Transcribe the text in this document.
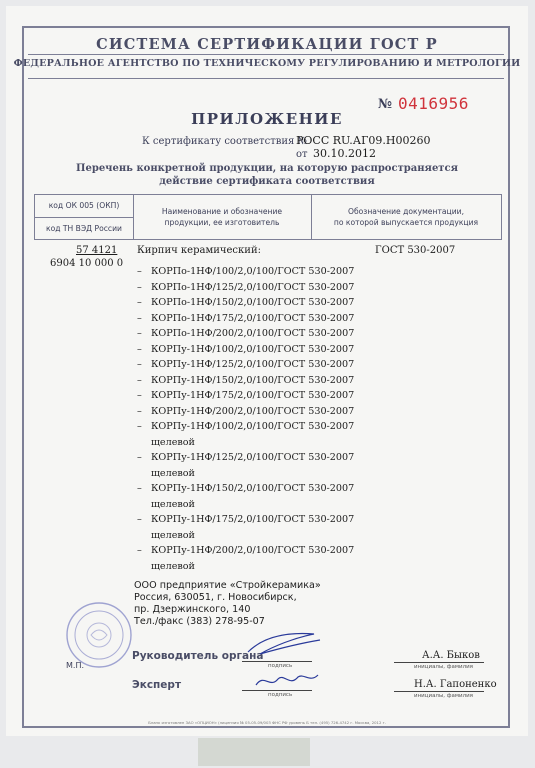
СИСТЕМА СЕРТИФИКАЦИИ ГОСТ Р
ФЕДЕРАЛЬНОЕ АГЕНТСТВО ПО ТЕХНИЧЕСКОМУ РЕГУЛИРОВАНИЮ И МЕТРОЛОГИИ
№ 0416956
ПРИЛОЖЕНИЕ
К сертификату соответствия №
РОСС RU.АГ09.Н00260
от 30.10.2012
Перечень конкретной продукции, на которую распространяется
действие сертификата соответствия
код ОК 005 (ОКП)
код ТН ВЭД России
Наименование и обозначение
продукции, ее изготовитель
Обозначение документации,
по которой выпускается продукция
57 4121
6904 10 000 0
Кирпич керамический:	ГОСТ 530-2007
– КОРПо-1НФ/100/2,0/100/ГОСТ 530-2007
– КОРПо-1НФ/125/2,0/100/ГОСТ 530-2007
– КОРПо-1НФ/150/2,0/100/ГОСТ 530-2007
– КОРПо-1НФ/175/2,0/100/ГОСТ 530-2007
– КОРПо-1НФ/200/2,0/100/ГОСТ 530-2007
– КОРПу-1НФ/100/2,0/100/ГОСТ 530-2007
– КОРПу-1НФ/125/2,0/100/ГОСТ 530-2007
– КОРПу-1НФ/150/2,0/100/ГОСТ 530-2007
– КОРПу-1НФ/175/2,0/100/ГОСТ 530-2007
– КОРПу-1НФ/200/2,0/100/ГОСТ 530-2007
– КОРПу-1НФ/100/2,0/100/ГОСТ 530-2007
щелевой
– КОРПу-1НФ/125/2,0/100/ГОСТ 530-2007
щелевой
– КОРПу-1НФ/150/2,0/100/ГОСТ 530-2007
щелевой
– КОРПу-1НФ/175/2,0/100/ГОСТ 530-2007
щелевой
– КОРПу-1НФ/200/2,0/100/ГОСТ 530-2007
щелевой
ООО предприятие «Стройкерамика»
Россия, 630051, г. Новосибирск,
пр. Дзержинского, 140
Тел./факс (383) 278-95-07
М.П.
Руководитель органа
подпись
А.А. Быков
инициалы, фамилия
Эксперт
подпись
Н.А. Гапоненко
инициалы, фамилия
Бланк изготовлен ЗАО «ОПЦИОН» (лицензия № 05-05-09/003 ФНС РФ уровень Б тел. (495) 726-4742 г. Москва, 2012 г.
